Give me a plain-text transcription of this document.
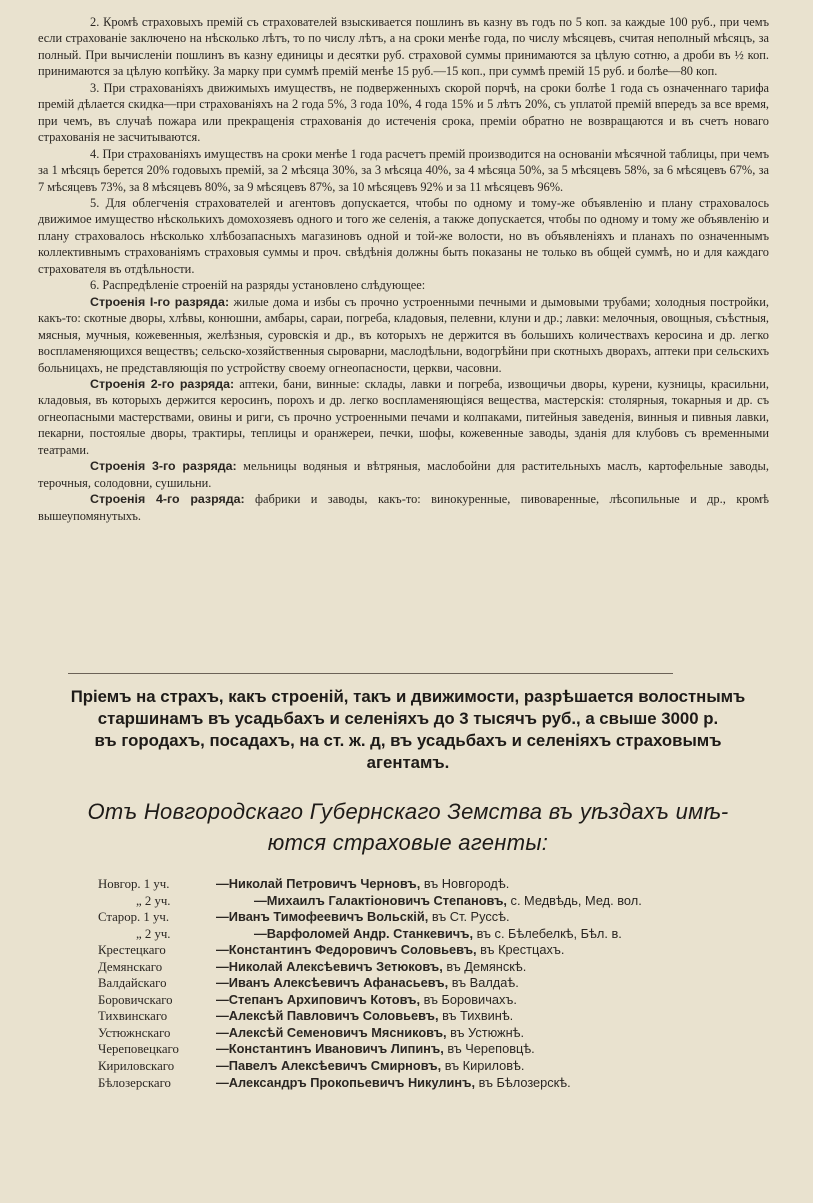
2. Кромѣ страховыхъ премій съ страхователей взыскивается пошлинъ въ казну въ годъ по 5 коп. за каждые 100 руб., при чемъ если страхованіе заключено на нѣсколько лѣтъ, то по числу лѣтъ, а на сроки менѣе года, по числу мѣсяцевъ, считая неполный мѣсяцъ, за полный. При вычисленіи пошлинъ въ казну единицы и десятки руб. страховой суммы принимаются за цѣлую сотню, а дроби въ ½ коп. принимаются за цѣлую копѣйку. За марку при суммѣ премій менѣе 15 руб.—15 коп., при суммѣ премій 15 руб. и болѣе—80 коп.

3. При страхованіяхъ движимыхъ имуществъ, не подверженныхъ скорой порчѣ, на сроки болѣе 1 года съ означеннаго тарифа премій дѣлается скидка—при страхованіяхъ на 2 года 5%, 3 года 10%, 4 года 15% и 5 лѣтъ 20%, съ уплатой премій впередъ за все время, при чемъ, въ случаѣ пожара или прекращенія страхованія до истеченія срока, преміи обратно не возвращаются и въ счетъ новаго страхованія не засчитываются.

4. При страхованіяхъ имуществъ на сроки менѣе 1 года расчетъ премій производится на основаніи мѣсячной таблицы, при чемъ за 1 мѣсяцъ берется 20% годовыхъ премій, за 2 мѣсяца 30%, за 3 мѣсяца 40%, за 4 мѣсяца 50%, за 5 мѣсяцевъ 58%, за 6 мѣсяцевъ 67%, за 7 мѣсяцевъ 73%, за 8 мѣсяцевъ 80%, за 9 мѣсяцевъ 87%, за 10 мѣсяцевъ 92% и за 11 мѣсяцевъ 96%.

5. Для облегченія страхователей и агентовъ допускается, чтобы по одному и тому-же объявленію и плану страховалось движимое имущество нѣсколькихъ домохозяевъ одного и того же селенія, а также допускается, чтобы по одному и тому же объявленію и плану страховалось нѣсколько хлѣбозапасныхъ магазиновъ одной и той-же волости, но въ объявленіяхъ и планахъ по означеннымъ коллективнымъ страхованіямъ страховыя суммы и проч. свѣдѣнія должны быть показаны не только въ общей суммѣ, но и для каждаго страхователя въ отдѣльности.

6. Распредѣленіе строеній на разряды установлено слѣдующее:

Строенія I-го разряда: жилые дома и избы съ прочно устроенными печными и дымовыми трубами; холодныя постройки, какъ-то: скотные дворы, хлѣвы, конюшни, амбары, сараи, погреба, кладовыя, пелевни, клуни и др.; лавки: мелочныя, овощныя, съѣстныя, мясныя, мучныя, кожевенныя, желѣзныя, суровскія и др., въ которыхъ не держится въ большихъ количествахъ керосина и др. легко воспламеняющихся веществъ; сельско-хозяйственныя сыроварни, маслодѣльни, водогрѣйни при скотныхъ дворахъ, аптеки при сельскихъ больницахъ, не представляющія по устройству своему огнеопасности, церкви, часовни.

Строенія 2-го разряда: аптеки, бани, винные: склады, лавки и погреба, извощичьи дворы, курени, кузницы, красильни, кладовыя, въ которыхъ держится керосинъ, порохъ и др. легко воспламеняющіяся вещества, мастерскія: столярныя, токарныя и др. съ огнеопасными мастерствами, овины и риги, съ прочно устроенными печами и колпаками, питейныя заведенія, винныя и пивныя лавки, пекарни, постоялые дворы, трактиры, теплицы и оранжереи, печки, шофы, кожевенные заводы, зданія для клубовъ съ временными театрами.

Строенія 3-го разряда: мельницы водяныя и вѣтряныя, маслобойни для растительныхъ маслъ, картофельные заводы, терочныя, солодовни, сушильни.

Строенія 4-го разряда: фабрики и заводы, какъ-то: винокуренные, пивоваренные, лѣсопильные и др., кромѣ вышеупомянутыхъ.

Пріемъ на страхъ, какъ строеній, такъ и движимости, разрѣшается волостнымъ

старшинамъ въ усадьбахъ и селеніяхъ до 3 тысячъ руб., а свыше 3000 р.

въ городахъ, посадахъ, на ст. ж. д, въ усадьбахъ и селеніяхъ страховымъ

агентамъ.

Отъ Новгородскаго Губернскаго Земства въ уѣздахъ имѣ-

ются страховые агенты:

Новгор. 1 уч.	—Николай Петровичъ Черновъ, въ Новгородѣ.
„ 2 уч.	—Михаилъ Галактіоновичъ Степановъ, с. Медвѣдь, Мед. вол.
Старор. 1 уч.	—Иванъ Тимофеевичъ Вольскій, въ Ст. Руссѣ.
„ 2 уч.	—Варфоломей Андр. Станкевичъ, въ с. Бѣлебелкѣ, Бѣл. в.
Крестецкаго	—Константинъ Федоровичъ Соловьевъ, въ Крестцахъ.
Демянскаго	—Николай Алексѣевичъ Зетюковъ, въ Демянскѣ.
Валдайскаго	—Иванъ Алексѣевичъ Афанасьевъ, въ Валдаѣ.
Боровичскаго	—Степанъ Архиповичъ Котовъ, въ Боровичахъ.
Тихвинскаго	—Алексѣй Павловичъ Соловьевъ, въ Тихвинѣ.
Устюжнскаго	—Алексѣй Семеновичъ Мясниковъ, въ Устюжнѣ.
Череповецкаго	—Константинъ Ивановичъ Липинъ, въ Череповцѣ.
Кириловскаго	—Павелъ Алексѣевичъ Смирновъ, въ Кириловѣ.
Бѣлозерскаго	—Александръ Прокопьевичъ Никулинъ, въ Бѣлозерскѣ.
